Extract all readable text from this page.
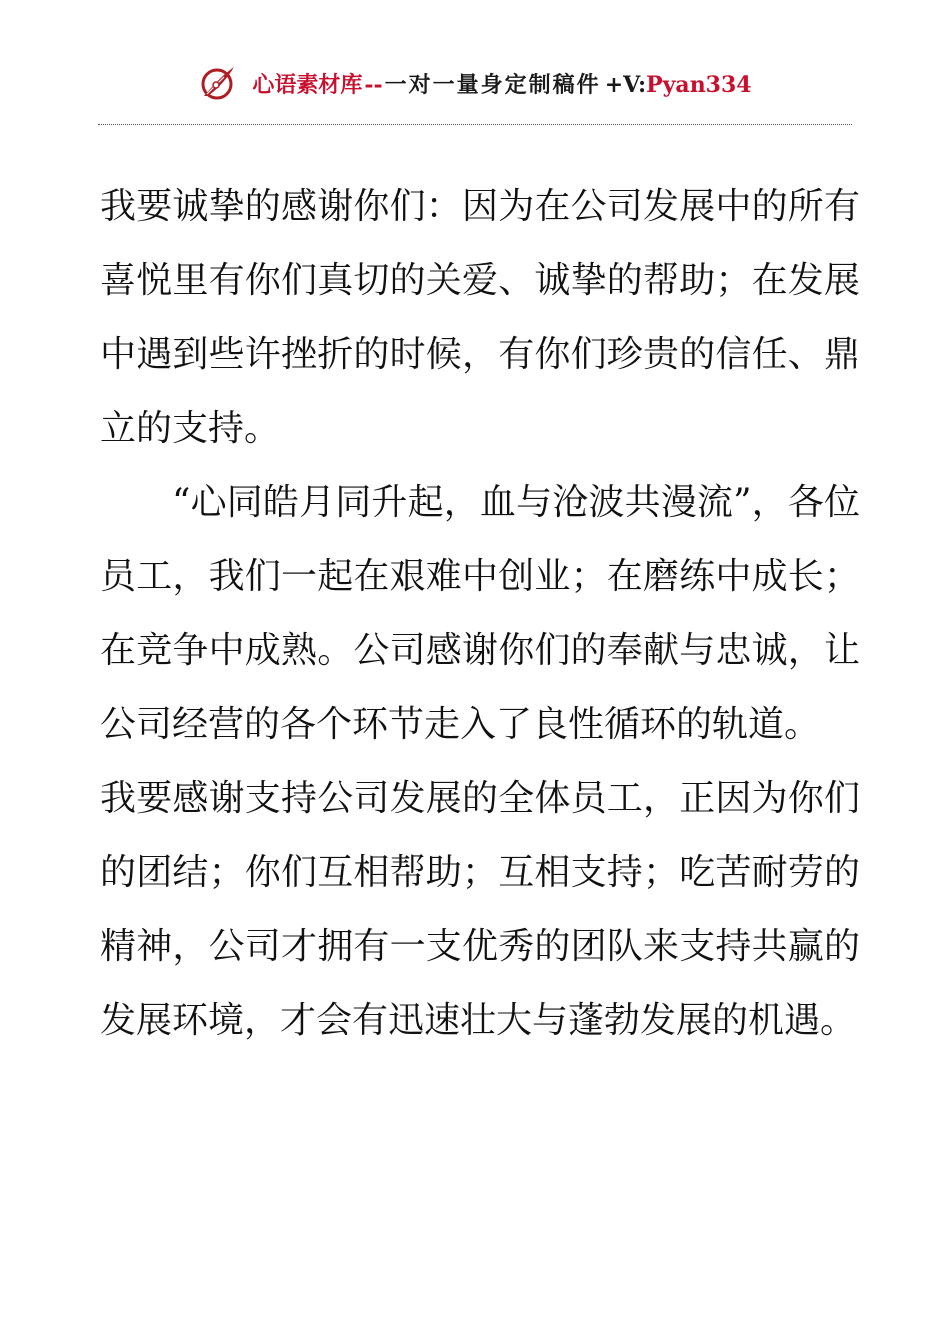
心语素材库--一对一量身定制稿件 +V:Pyan334

我要诚挚的感谢你们：因为在公司发展中的所有喜悦里有你们真切的关爱、诚挚的帮助；在发展中遇到些许挫折的时候，有你们珍贵的信任、鼎立的支持。

“心同皓月同升起，血与沧波共漫流”，各位员工，我们一起在艰难中创业；在磨练中成长；在竞争中成熟。公司感谢你们的奉献与忠诚，让公司经营的各个环节走入了良性循环的轨道。

我要感谢支持公司发展的全体员工，正因为你们的团结；你们互相帮助；互相支持；吃苦耐劳的精神，公司才拥有一支优秀的团队来支持共赢的发展环境，才会有迅速壮大与蓬勃发展的机遇。
